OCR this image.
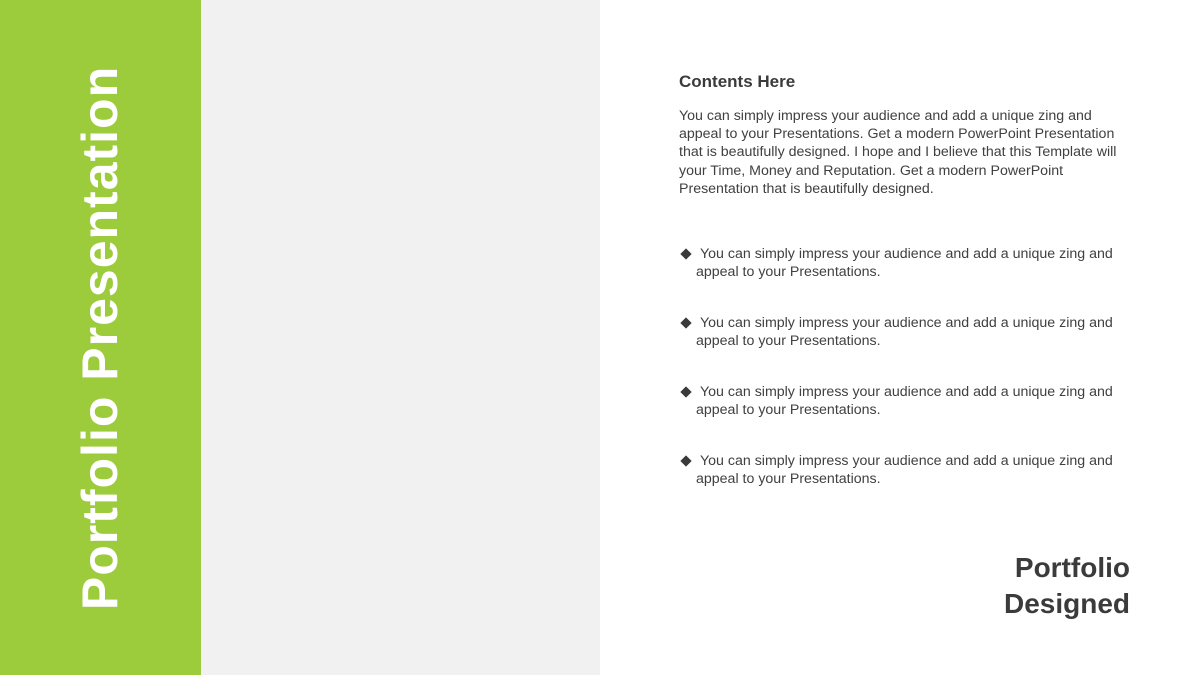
Portfolio Presentation	Contents Here
You can simply impress your audience and add a unique zing and appeal to your Presentations. Get a modern PowerPoint Presentation that is beautifully designed. I hope and I believe that this Template will your Time, Money and Reputation. Get a modern PowerPoint Presentation that is beautifully designed.
You can simply impress your audience and add a unique zing and appeal to your Presentations.
You can simply impress your audience and add a unique zing and appeal to your Presentations.
You can simply impress your audience and add a unique zing and appeal to your Presentations.
You can simply impress your audience and add a unique zing and appeal to your Presentations.
Portfolio
Designed
